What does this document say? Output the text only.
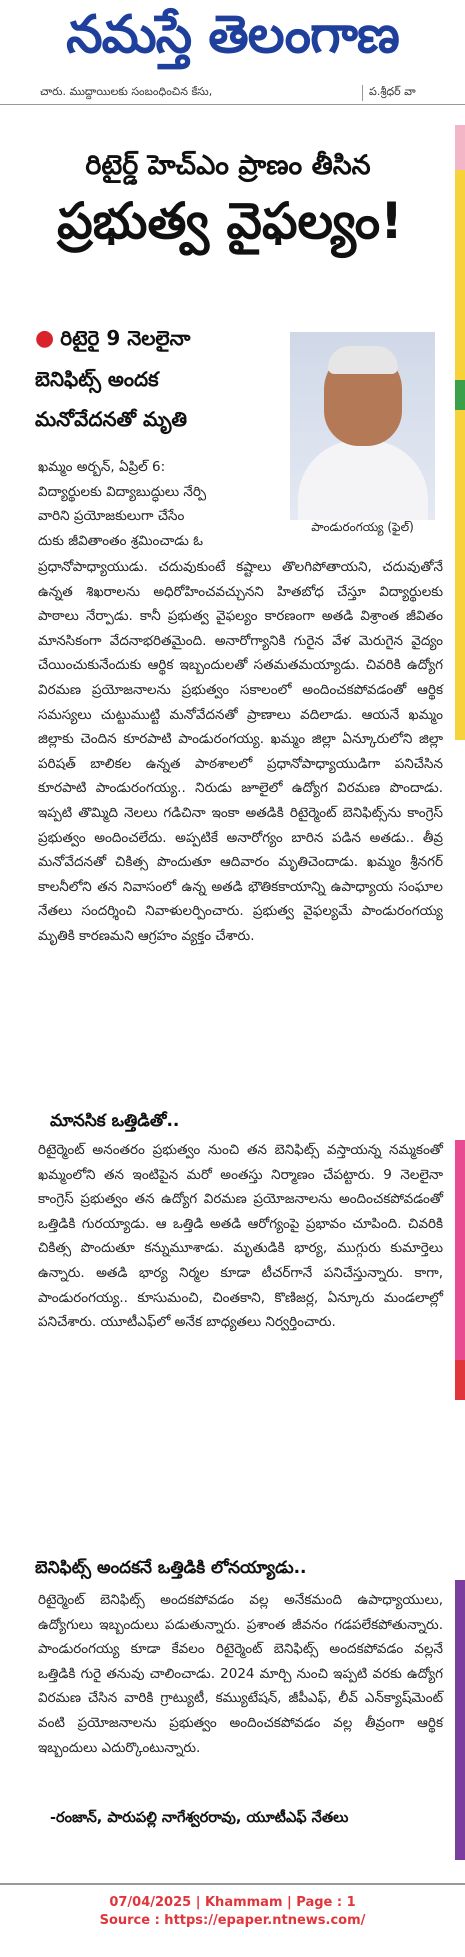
నమస్తే తెలంగాణ
చారు. ముద్దాయిలకు సంబంధించిన కేసు,	ప.శ్రీధర్ వా
రిటైర్డ్ హెచ్ఎం ప్రాణం తీసిన
ప్రభుత్వ వైఫల్యం!
● రిటైరై 9 నెలలైనా
బెనిఫిట్స్ అందక
మనోవేదనతో మృతి
పాండురంగయ్య (ఫైల్)
ఖమ్మం అర్బన్, ఏప్రిల్ 6:
విద్యార్థులకు విద్యాబుద్ధులు నేర్పి
వారిని ప్రయోజకులుగా చేసేం
దుకు జీవితాంతం శ్రమించాడు ఓ
ప్రధానోపాధ్యాయుడు. చదువుకుంటే కష్టాలు తొలగిపోతాయని, చదువుతోనే ఉన్నత శిఖరాలను అధిరోహించవచ్చునని హితబోధ చేస్తూ విద్యార్థులకు పాఠాలు నేర్పాడు. కానీ ప్రభుత్వ వైఫల్యం కారణంగా అతడి విశ్రాంత జీవితం మానసికంగా వేదనాభరితమైంది. అనారోగ్యానికి గురైన వేళ మెరుగైన వైద్యం చేయించుకునేందుకు ఆర్థిక ఇబ్బందులతో సతమతమయ్యాడు. చివరికి ఉద్యోగ విరమణ ప్రయోజనాలను ప్రభుత్వం సకాలంలో అందించకపోవడంతో ఆర్థిక సమస్యలు చుట్టుముట్టి మనోవేదనతో ప్రాణాలు వదిలాడు. ఆయనే ఖమ్మం జిల్లాకు చెందిన కూరపాటి పాండురంగయ్య. ఖమ్మం జిల్లా ఏన్కూరులోని జిల్లా పరిషత్ బాలికల ఉన్నత పాఠశాలలో ప్రధానోపాధ్యాయుడిగా పనిచేసిన కూరపాటి పాండురంగయ్య.. నిరుడు జూలైలో ఉద్యోగ విరమణ పొందాడు. ఇప్పటి తొమ్మిది నెలలు గడిచినా ఇంకా అతడికి రిటైర్మెంట్ బెనిఫిట్స్‌ను కాంగ్రెస్ ప్రభుత్వం అందించలేదు. అప్పటికే అనారోగ్యం బారిన పడిన అతడు.. తీవ్ర మనోవేదనతో చికిత్స పొందుతూ ఆదివారం మృతిచెందాడు. ఖమ్మం శ్రీనగర్ కాలనీలోని తన నివాసంలో ఉన్న అతడి భౌతికకాయాన్ని ఉపాధ్యాయ సంఘాల నేతలు సందర్శించి నివాళులర్పించారు. ప్రభుత్వ వైఫల్యమే పాండురంగయ్య మృతికి కారణమని ఆగ్రహం వ్యక్తం చేశారు.
మానసిక ఒత్తిడితో..
రిటైర్మెంట్ అనంతరం ప్రభుత్వం నుంచి తన బెనిఫిట్స్ వస్తాయన్న నమ్మకంతో ఖమ్మంలోని తన ఇంటిపైన మరో అంతస్తు నిర్మాణం చేపట్టారు. 9 నెలలైనా కాంగ్రెస్ ప్రభుత్వం తన ఉద్యోగ విరమణ ప్రయోజనాలను అందించకపోవడంతో ఒత్తిడికి గురయ్యాడు. ఆ ఒత్తిడి అతడి ఆరోగ్యంపై ప్రభావం చూపింది. చివరికి చికిత్స పొందుతూ కన్నుమూశాడు. మృతుడికి భార్య, ముగ్గురు కుమార్తెలు ఉన్నారు. అతడి భార్య నిర్మల కూడా టీచర్‌గానే పనిచేస్తున్నారు. కాగా, పాండురంగయ్య.. కూసుమంచి, చింతకాని, కొణిజర్ల, ఏన్కూరు మండలాల్లో పనిచేశారు. యూటీఎఫ్‌లో అనేక బాధ్యతలు నిర్వర్తించారు.
బెనిఫిట్స్ అందకనే ఒత్తిడికి లోనయ్యాడు..
రిటైర్మెంట్ బెనిఫిట్స్ అందకపోవడం వల్ల అనేకమంది ఉపాధ్యాయులు, ఉద్యోగులు ఇబ్బందులు పడుతున్నారు. ప్రశాంత జీవనం గడపలేకపోతున్నారు. పాండురంగయ్య కూడా కేవలం రిటైర్మెంట్ బెనిఫిట్స్ అందకపోవడం వల్లనే ఒత్తిడికి గురై తనువు చాలించాడు. 2024 మార్చి నుంచి ఇప్పటి వరకు ఉద్యోగ విరమణ చేసిన వారికి గ్రాట్యుటీ, కమ్యుటేషన్, జీపీఎఫ్, లీవ్ ఎన్‌క్యాష్‌మెంట్ వంటి ప్రయోజనాలను ప్రభుత్వం అందించకపోవడం వల్ల తీవ్రంగా ఆర్థిక ఇబ్బందులు ఎదుర్కొంటున్నారు.
-రంజాన్, పారుపల్లి నాగేశ్వరరావు, యూటీఎఫ్ నేతలు
07/04/2025 | Khammam | Page : 1
Source : https://epaper.ntnews.com/
